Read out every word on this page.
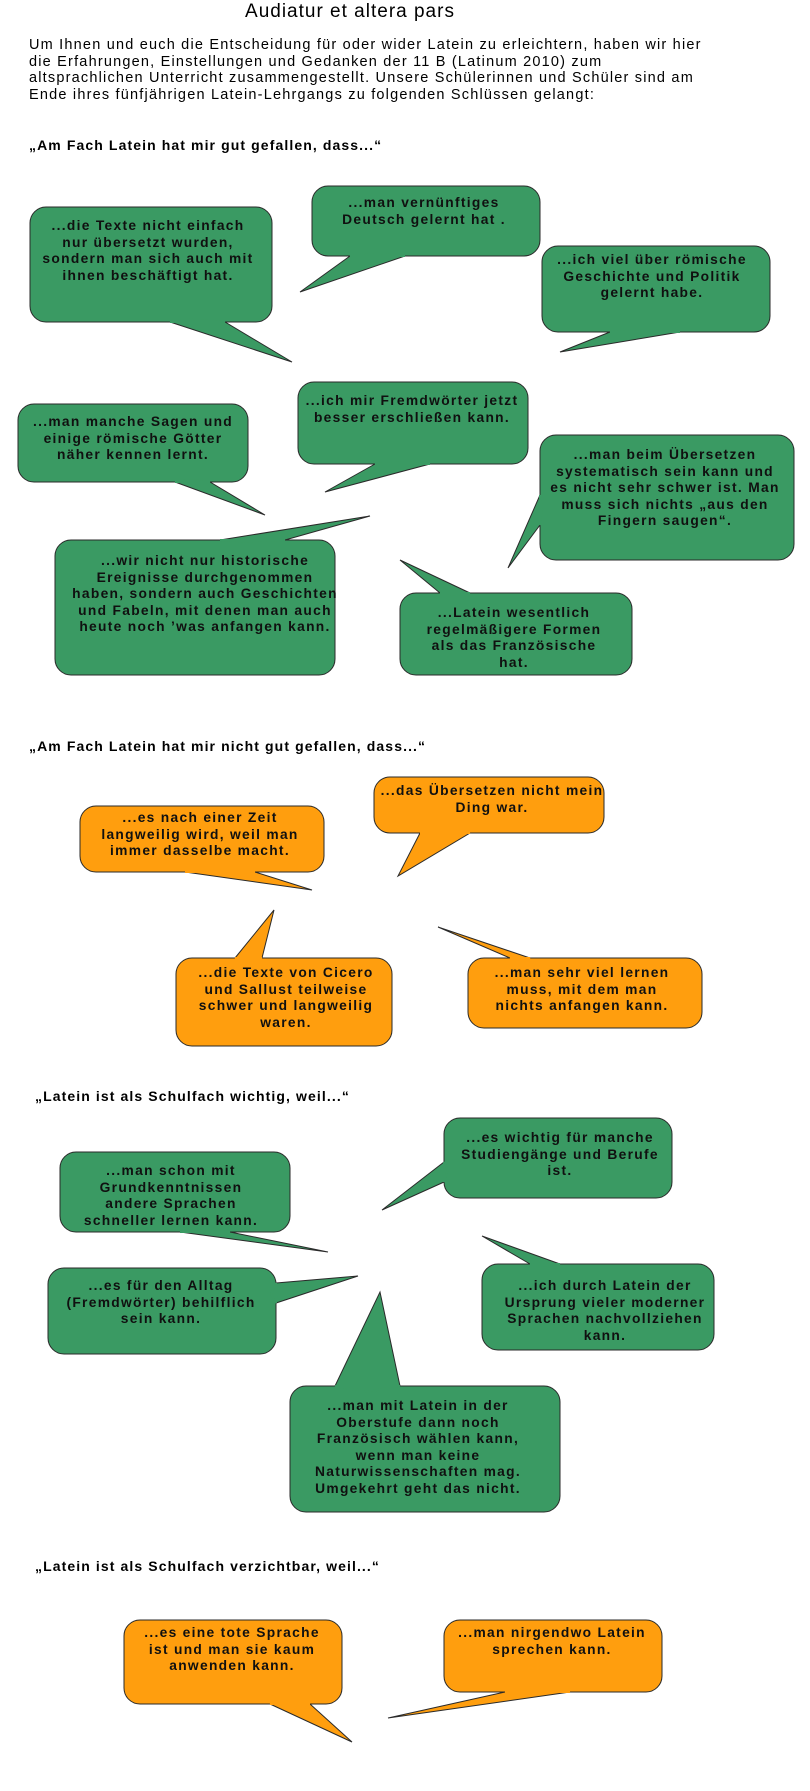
Audiatur et altera pars
Um Ihnen und euch die Entscheidung für oder wider Latein zu erleichtern, haben wir hier die Erfahrungen, Einstellungen und Gedanken der 11 B (Latinum 2010) zum altsprachlichen Unterricht zusammengestellt. Unsere Schülerinnen und Schüler sind am Ende ihres fünfjährigen Latein-Lehrgangs zu folgenden Schlüssen gelangt:
„Am Fach Latein hat mir gut gefallen, dass...“
„Am Fach Latein hat mir nicht gut gefallen, dass...“
„Latein ist als Schulfach wichtig, weil...“
„Latein ist als Schulfach verzichtbar, weil...“
...die Texte nicht einfach nur übersetzt wurden, sondern man sich auch mit ihnen beschäftigt hat.
...man vernünftiges Deutsch gelernt hat .
...ich viel über römische Geschichte und Politik gelernt habe.
...man manche Sagen und einige römische Götter näher kennen lernt.
...ich mir Fremdwörter jetzt besser erschließen kann.
...man beim Übersetzen systematisch sein kann und es nicht sehr schwer ist. Man muss sich nichts „aus den Fingern saugen“.
...wir nicht nur historische Ereignisse durchgenommen haben, sondern auch Geschichten und Fabeln, mit denen man auch heute noch ’was anfangen kann.
...Latein wesentlich regelmäßigere Formen als das Französische hat.
...es nach einer Zeit langweilig wird, weil man immer dasselbe macht.
...das Übersetzen nicht mein Ding war.
...die Texte von Cicero und Sallust teilweise schwer und langweilig waren.
...man sehr viel lernen muss, mit dem man nichts anfangen kann.
...man schon mit Grundkenntnissen andere Sprachen schneller lernen kann.
...es wichtig für manche Studiengänge und Berufe ist.
...es für den Alltag (Fremdwörter) behilflich sein kann.
...ich durch Latein der Ursprung vieler moderner Sprachen nachvollziehen kann.
...man mit Latein in der Oberstufe dann noch Französisch wählen kann, wenn man keine Naturwissenschaften mag. Umgekehrt geht das nicht.
...es eine tote Sprache ist und man sie kaum anwenden kann.
...man nirgendwo Latein sprechen kann.
